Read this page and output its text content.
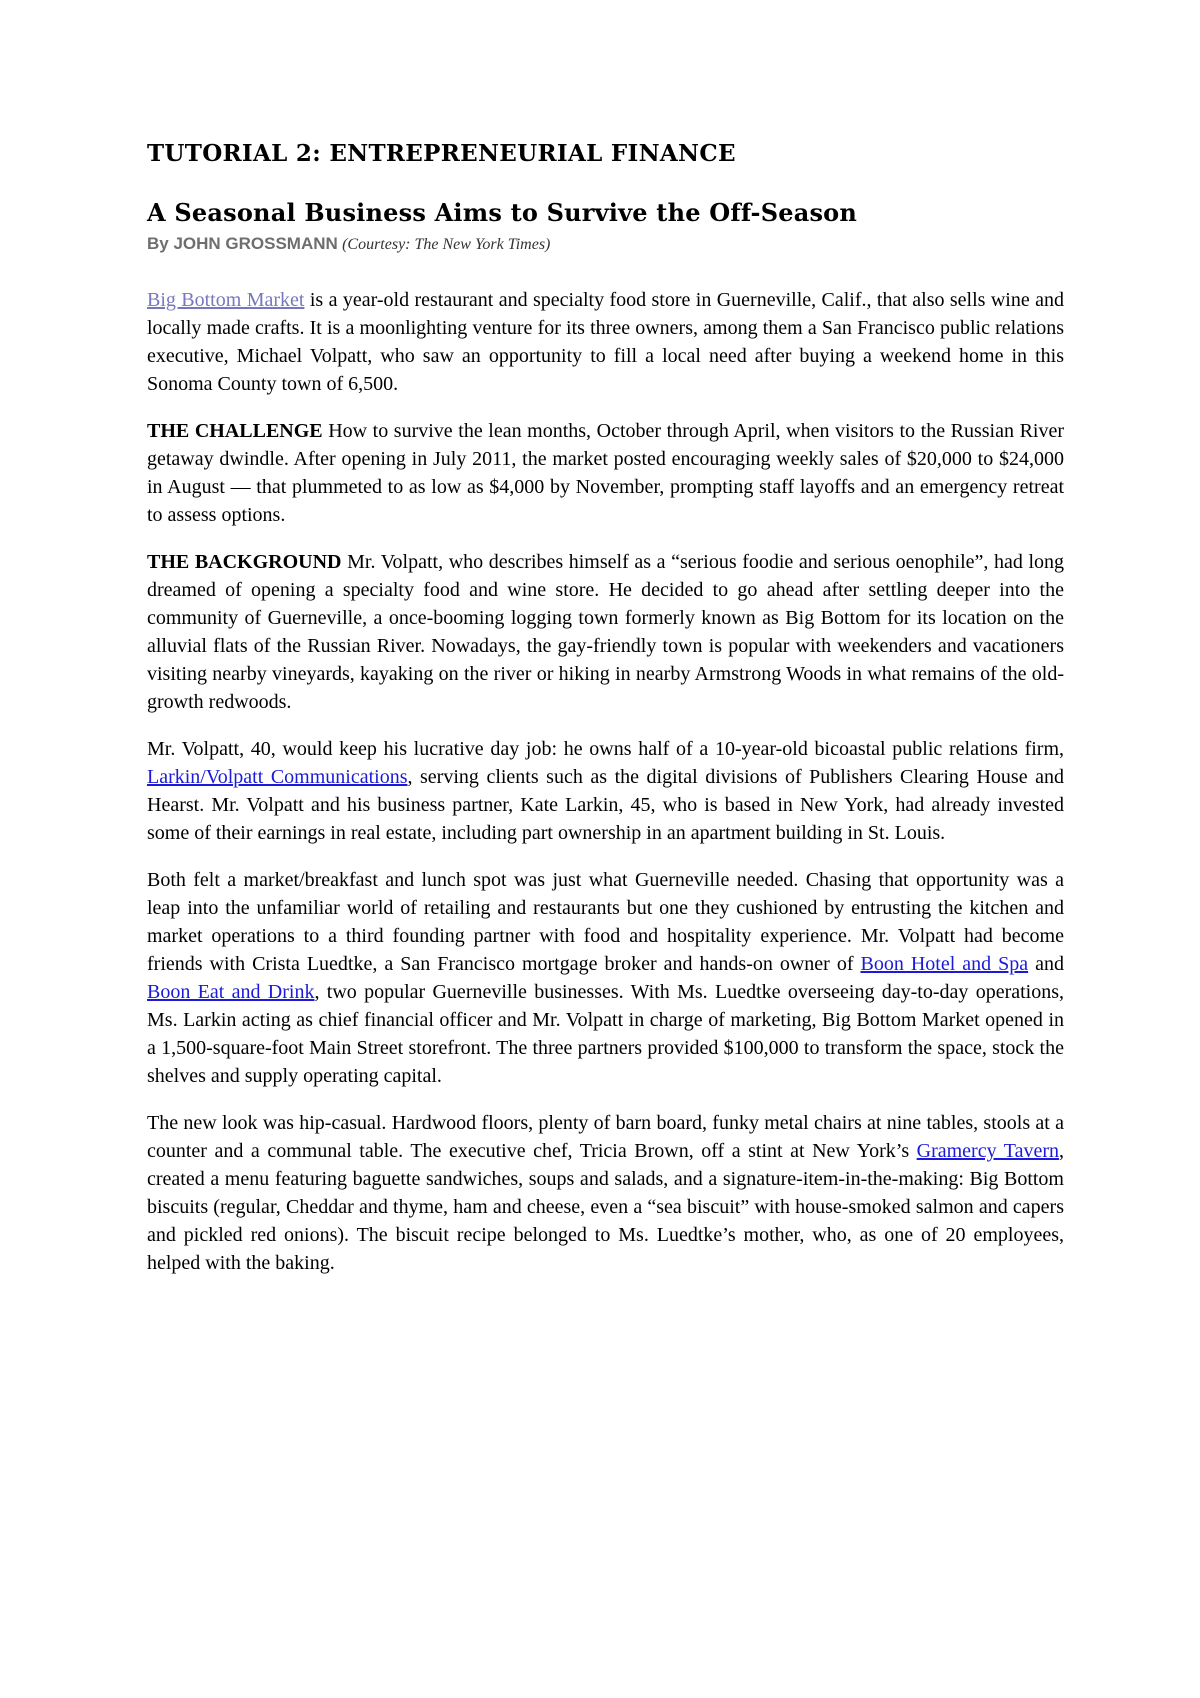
TUTORIAL 2: ENTREPRENEURIAL FINANCE
A Seasonal Business Aims to Survive the Off-Season
By JOHN GROSSMANN (Courtesy: The New York Times)

Big Bottom Market is a year-old restaurant and specialty food store in Guerneville, Calif., that also sells wine and locally made crafts. It is a moonlighting venture for its three owners, among them a San Francisco public relations executive, Michael Volpatt, who saw an opportunity to fill a local need after buying a weekend home in this Sonoma County town of 6,500.

THE CHALLENGE How to survive the lean months, October through April, when visitors to the Russian River getaway dwindle. After opening in July 2011, the market posted encouraging weekly sales of $20,000 to $24,000 in August — that plummeted to as low as $4,000 by November, prompting staff layoffs and an emergency retreat to assess options.

THE BACKGROUND Mr. Volpatt, who describes himself as a “serious foodie and serious oenophile”, had long dreamed of opening a specialty food and wine store. He decided to go ahead after settling deeper into the community of Guerneville, a once-booming logging town formerly known as Big Bottom for its location on the alluvial flats of the Russian River. Nowadays, the gay-friendly town is popular with weekenders and vacationers visiting nearby vineyards, kayaking on the river or hiking in nearby Armstrong Woods in what remains of the old-growth redwoods.

Mr. Volpatt, 40, would keep his lucrative day job: he owns half of a 10-year-old bicoastal public relations firm, Larkin/Volpatt Communications, serving clients such as the digital divisions of Publishers Clearing House and Hearst. Mr. Volpatt and his business partner, Kate Larkin, 45, who is based in New York, had already invested some of their earnings in real estate, including part ownership in an apartment building in St. Louis.

Both felt a market/breakfast and lunch spot was just what Guerneville needed. Chasing that opportunity was a leap into the unfamiliar world of retailing and restaurants but one they cushioned by entrusting the kitchen and market operations to a third founding partner with food and hospitality experience. Mr. Volpatt had become friends with Crista Luedtke, a San Francisco mortgage broker and hands-on owner of Boon Hotel and Spa and Boon Eat and Drink, two popular Guerneville businesses. With Ms. Luedtke overseeing day-to-day operations, Ms. Larkin acting as chief financial officer and Mr. Volpatt in charge of marketing, Big Bottom Market opened in a 1,500-square-foot Main Street storefront. The three partners provided $100,000 to transform the space, stock the shelves and supply operating capital.

The new look was hip-casual. Hardwood floors, plenty of barn board, funky metal chairs at nine tables, stools at a counter and a communal table. The executive chef, Tricia Brown, off a stint at New York’s Gramercy Tavern, created a menu featuring baguette sandwiches, soups and salads, and a signature-item-in-the-making: Big Bottom biscuits (regular, Cheddar and thyme, ham and cheese, even a “sea biscuit” with house-smoked salmon and capers and pickled red onions). The biscuit recipe belonged to Ms. Luedtke’s mother, who, as one of 20 employees, helped with the baking.
